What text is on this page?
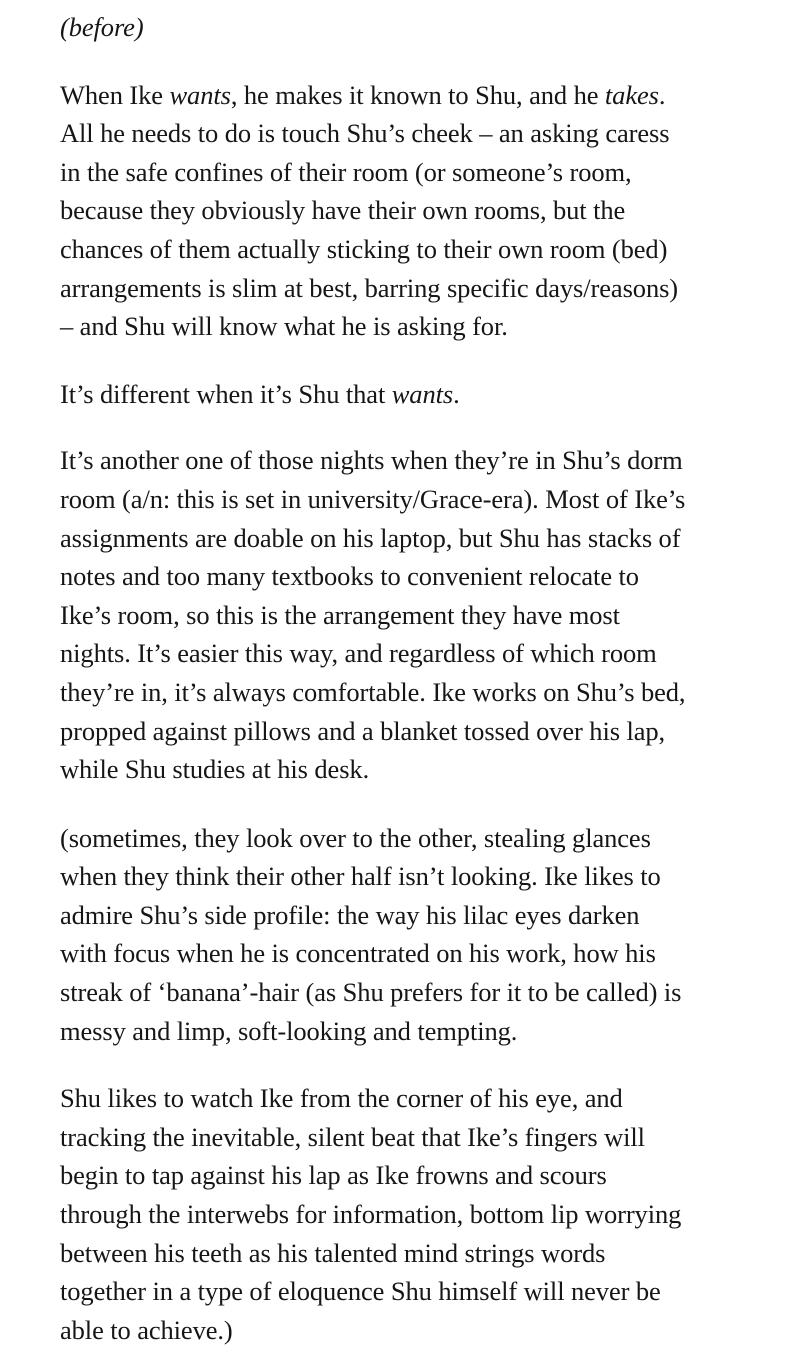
(before)
When Ike wants, he makes it known to Shu, and he takes.
All he needs to do is touch Shu’s cheek – an asking caress
in the safe confines of their room (or someone’s room,
because they obviously have their own rooms, but the
chances of them actually sticking to their own room (bed)
arrangements is slim at best, barring specific days/reasons)
– and Shu will know what he is asking for.
It’s different when it’s Shu that wants.
It’s another one of those nights when they’re in Shu’s dorm
room (a/n: this is set in university/Grace-era). Most of Ike’s
assignments are doable on his laptop, but Shu has stacks of
notes and too many textbooks to convenient relocate to
Ike’s room, so this is the arrangement they have most
nights. It’s easier this way, and regardless of which room
they’re in, it’s always comfortable. Ike works on Shu’s bed,
propped against pillows and a blanket tossed over his lap,
while Shu studies at his desk.
(sometimes, they look over to the other, stealing glances
when they think their other half isn’t looking. Ike likes to
admire Shu’s side profile: the way his lilac eyes darken
with focus when he is concentrated on his work, how his
streak of ‘banana’-hair (as Shu prefers for it to be called) is
messy and limp, soft-looking and tempting.
Shu likes to watch Ike from the corner of his eye, and
tracking the inevitable, silent beat that Ike’s fingers will
begin to tap against his lap as Ike frowns and scours
through the interwebs for information, bottom lip worrying
between his teeth as his talented mind strings words
together in a type of eloquence Shu himself will never be
able to achieve.)
